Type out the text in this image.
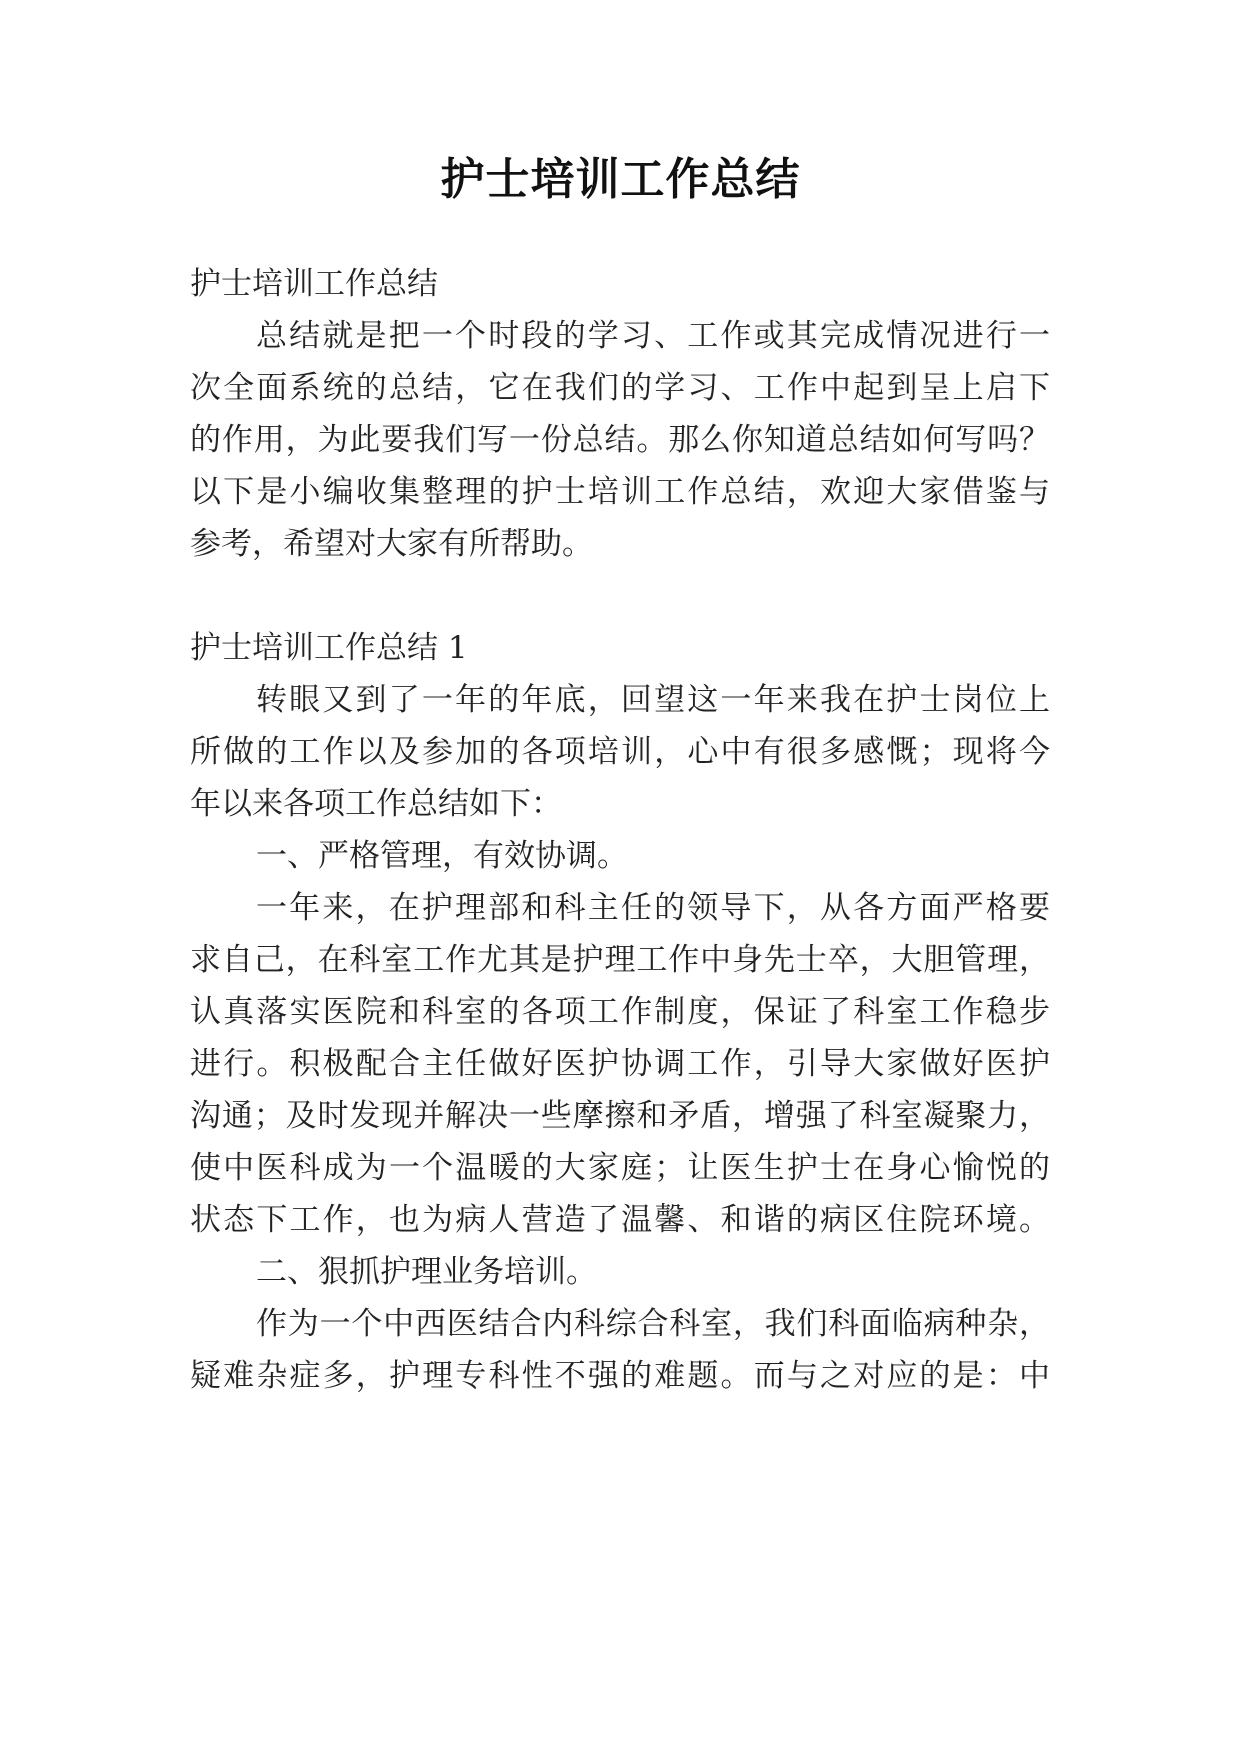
护士培训工作总结
护士培训工作总结
总结就是把一个时段的学习、工作或其完成情况进行一
次全面系统的总结，它在我们的学习、工作中起到呈上启下
的作用，为此要我们写一份总结。那么你知道总结如何写吗？
以下是小编收集整理的护士培训工作总结，欢迎大家借鉴与
参考，希望对大家有所帮助。
护士培训工作总结 1
转眼又到了一年的年底，回望这一年来我在护士岗位上
所做的工作以及参加的各项培训，心中有很多感慨；现将今
年以来各项工作总结如下：
一、严格管理，有效协调。
一年来，在护理部和科主任的领导下，从各方面严格要
求自己，在科室工作尤其是护理工作中身先士卒，大胆管理，
认真落实医院和科室的各项工作制度，保证了科室工作稳步
进行。积极配合主任做好医护协调工作，引导大家做好医护
沟通；及时发现并解决一些摩擦和矛盾，增强了科室凝聚力，
使中医科成为一个温暖的大家庭；让医生护士在身心愉悦的
状态下工作，也为病人营造了温馨、和谐的病区住院环境。
二、狠抓护理业务培训。
作为一个中西医结合内科综合科室，我们科面临病种杂，
疑难杂症多，护理专科性不强的难题。而与之对应的是：中
